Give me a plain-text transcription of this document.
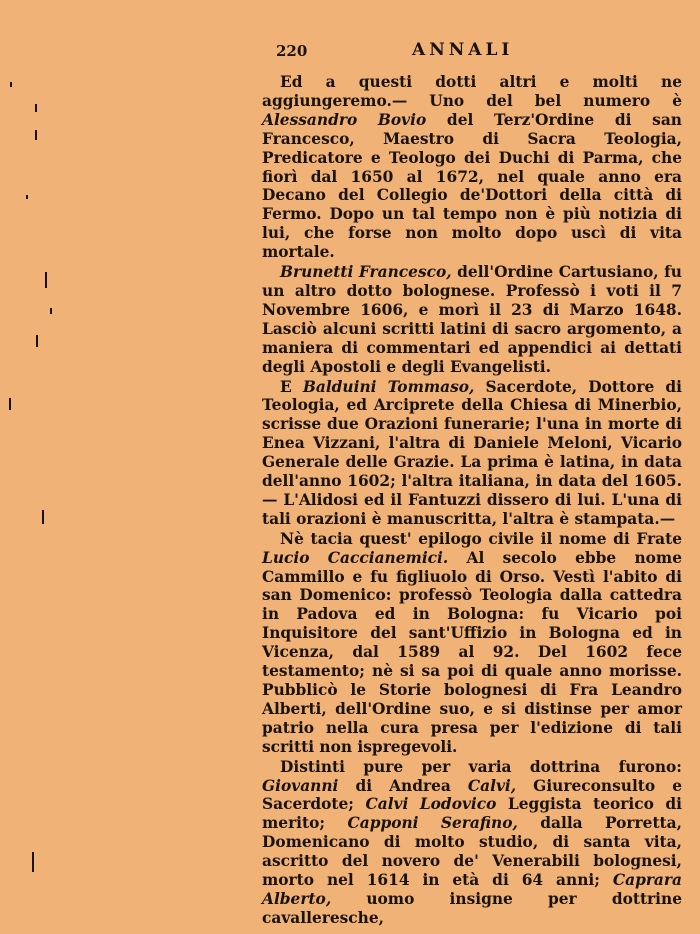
220	ANNALI

Ed a questi dotti altri e molti ne aggiungeremo.— Uno del bel numero è Alessandro Bovio del Terz'Ordine di san Francesco, Maestro di Sacra Teologia, Predicatore e Teologo dei Duchi di Parma, che fiorì dal 1650 al 1672, nel quale anno era Decano del Collegio de'Dottori della città di Fermo. Dopo un tal tempo non è più notizia di lui, che forse non molto dopo uscì di vita mortale.

Brunetti Francesco, dell'Ordine Cartusiano, fu un altro dotto bolognese. Professò i voti il 7 Novembre 1606, e morì il 23 di Marzo 1648. Lasciò alcuni scritti latini di sacro argomento, a maniera di commentari ed appendici ai dettati degli Apostoli e degli Evangelisti.

E Balduini Tommaso, Sacerdote, Dottore di Teologia, ed Arciprete della Chiesa di Minerbio, scrisse due Orazioni funerarie; l'una in morte di Enea Vizzani, l'altra di Daniele Meloni, Vicario Generale delle Grazie. La prima è latina, in data dell'anno 1602; l'altra italiana, in data del 1605.— L'Alidosi ed il Fantuzzi dissero di lui. L'una di tali orazioni è manuscritta, l'altra è stampata.—

Nè tacia quest' epilogo civile il nome di Frate Lucio Caccianemici. Al secolo ebbe nome Cammillo e fu figliuolo di Orso. Vestì l'abito di san Domenico: professò Teologia dalla cattedra in Padova ed in Bologna: fu Vicario poi Inquisitore del sant'Uffizio in Bologna ed in Vicenza, dal 1589 al 92. Del 1602 fece testamento; nè si sa poi di quale anno morisse. Pubblicò le Storie bolognesi di Fra Leandro Alberti, dell'Ordine suo, e si distinse per amor patrio nella cura presa per l'edizione di tali scritti non ispregevoli.

Distinti pure per varia dottrina furono: Giovanni di Andrea Calvi, Giureconsulto e Sacerdote; Calvi Lodovico Leggista teorico di merito; Capponi Serafino, dalla Porretta, Domenicano di molto studio, di santa vita, ascritto del novero de' Venerabili bolognesi, morto nel 1614 in età di 64 anni; Caprara Alberto, uomo insigne per dottrine cavalleresche,
